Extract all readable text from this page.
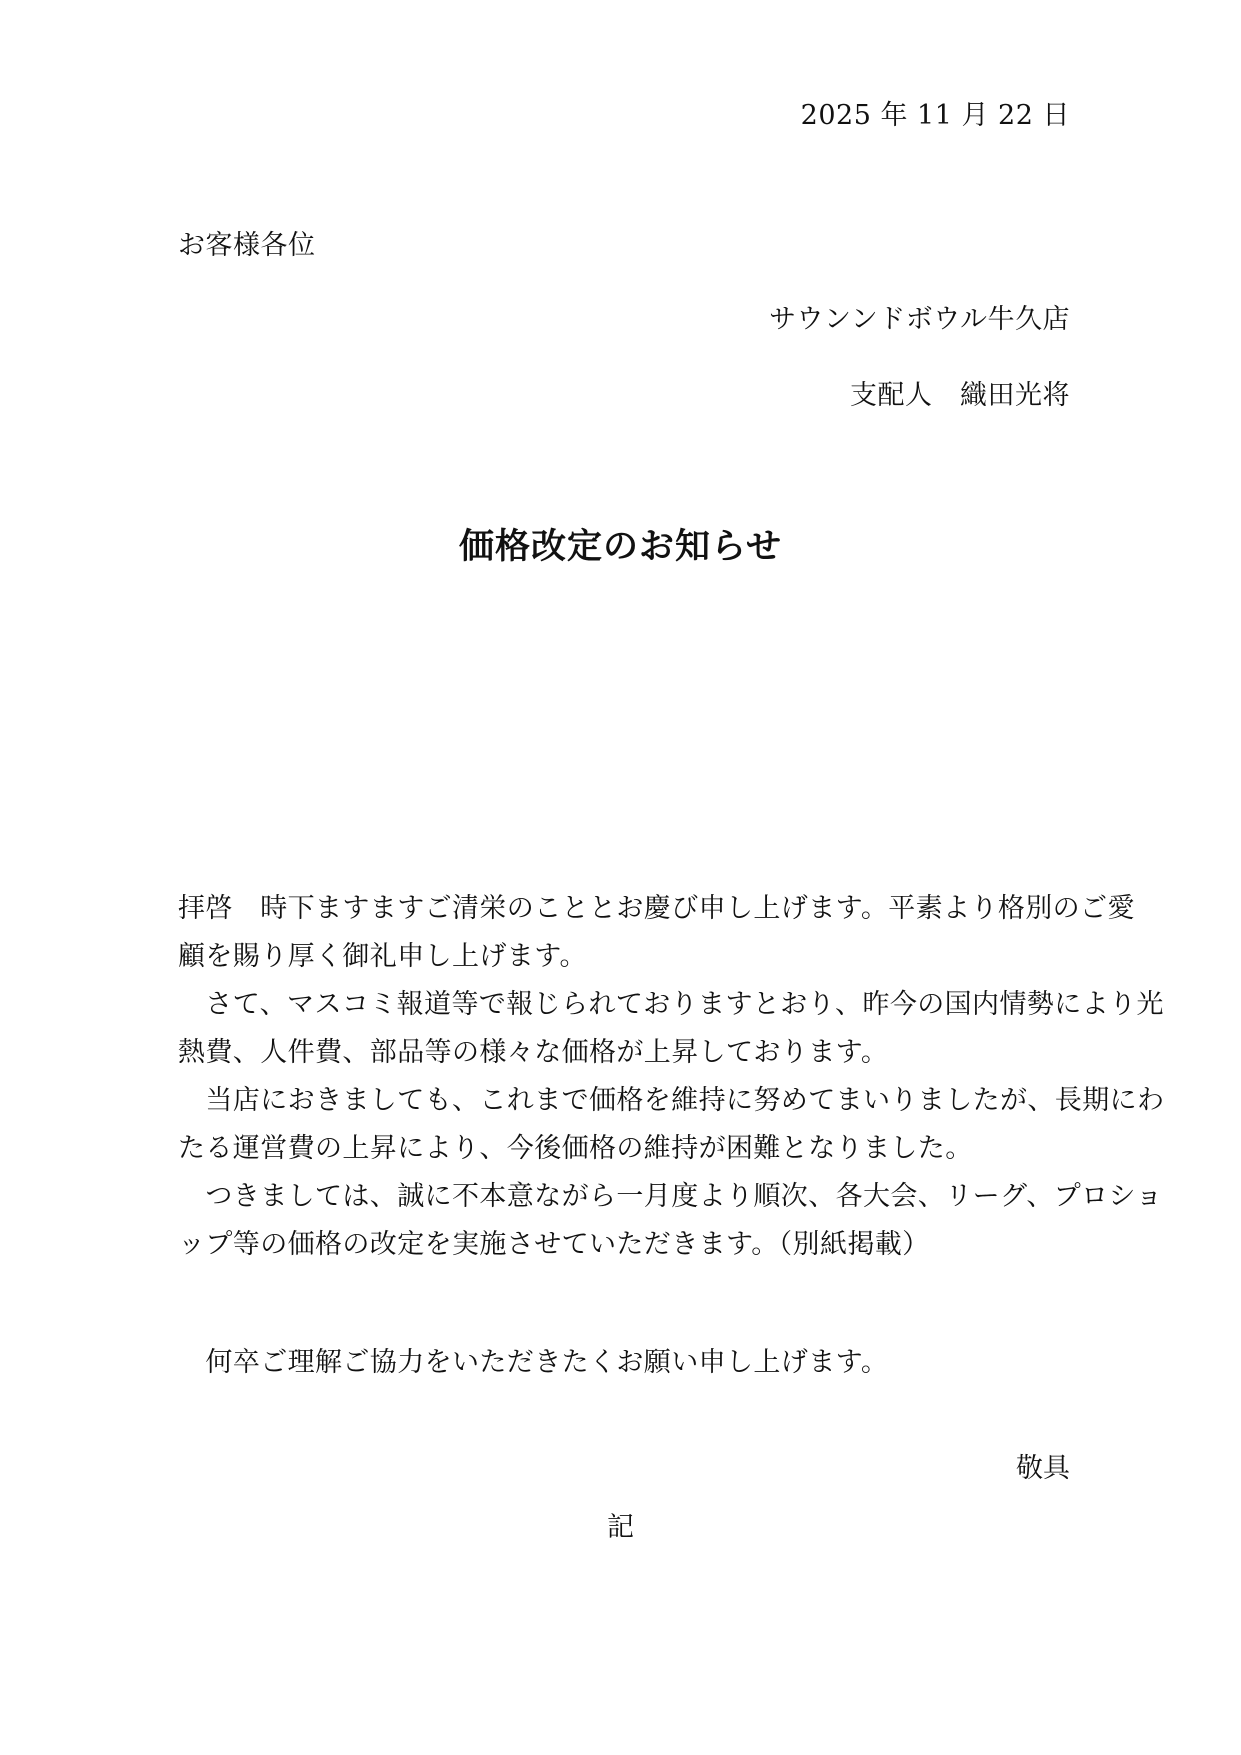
2025 年 11 月 22 日
お客様各位
サウンンドボウル牛久店
支配人　織田光将
価格改定のお知らせ
拝啓　時下ますますご清栄のこととお慶び申し上げます。平素より格別のご愛
顧を賜り厚く御礼申し上げます。
　さて、マスコミ報道等で報じられておりますとおり、昨今の国内情勢により光
熱費、人件費、部品等の様々な価格が上昇しております。
　当店におきましても、これまで価格を維持に努めてまいりましたが、長期にわ
たる運営費の上昇により、今後価格の維持が困難となりました。
　つきましては、誠に不本意ながら一月度より順次、各大会、リーグ、プロショ
ップ等の価格の改定を実施させていただきます。（別紙掲載）
　何卒ご理解ご協力をいただきたくお願い申し上げます。
敬具
記
